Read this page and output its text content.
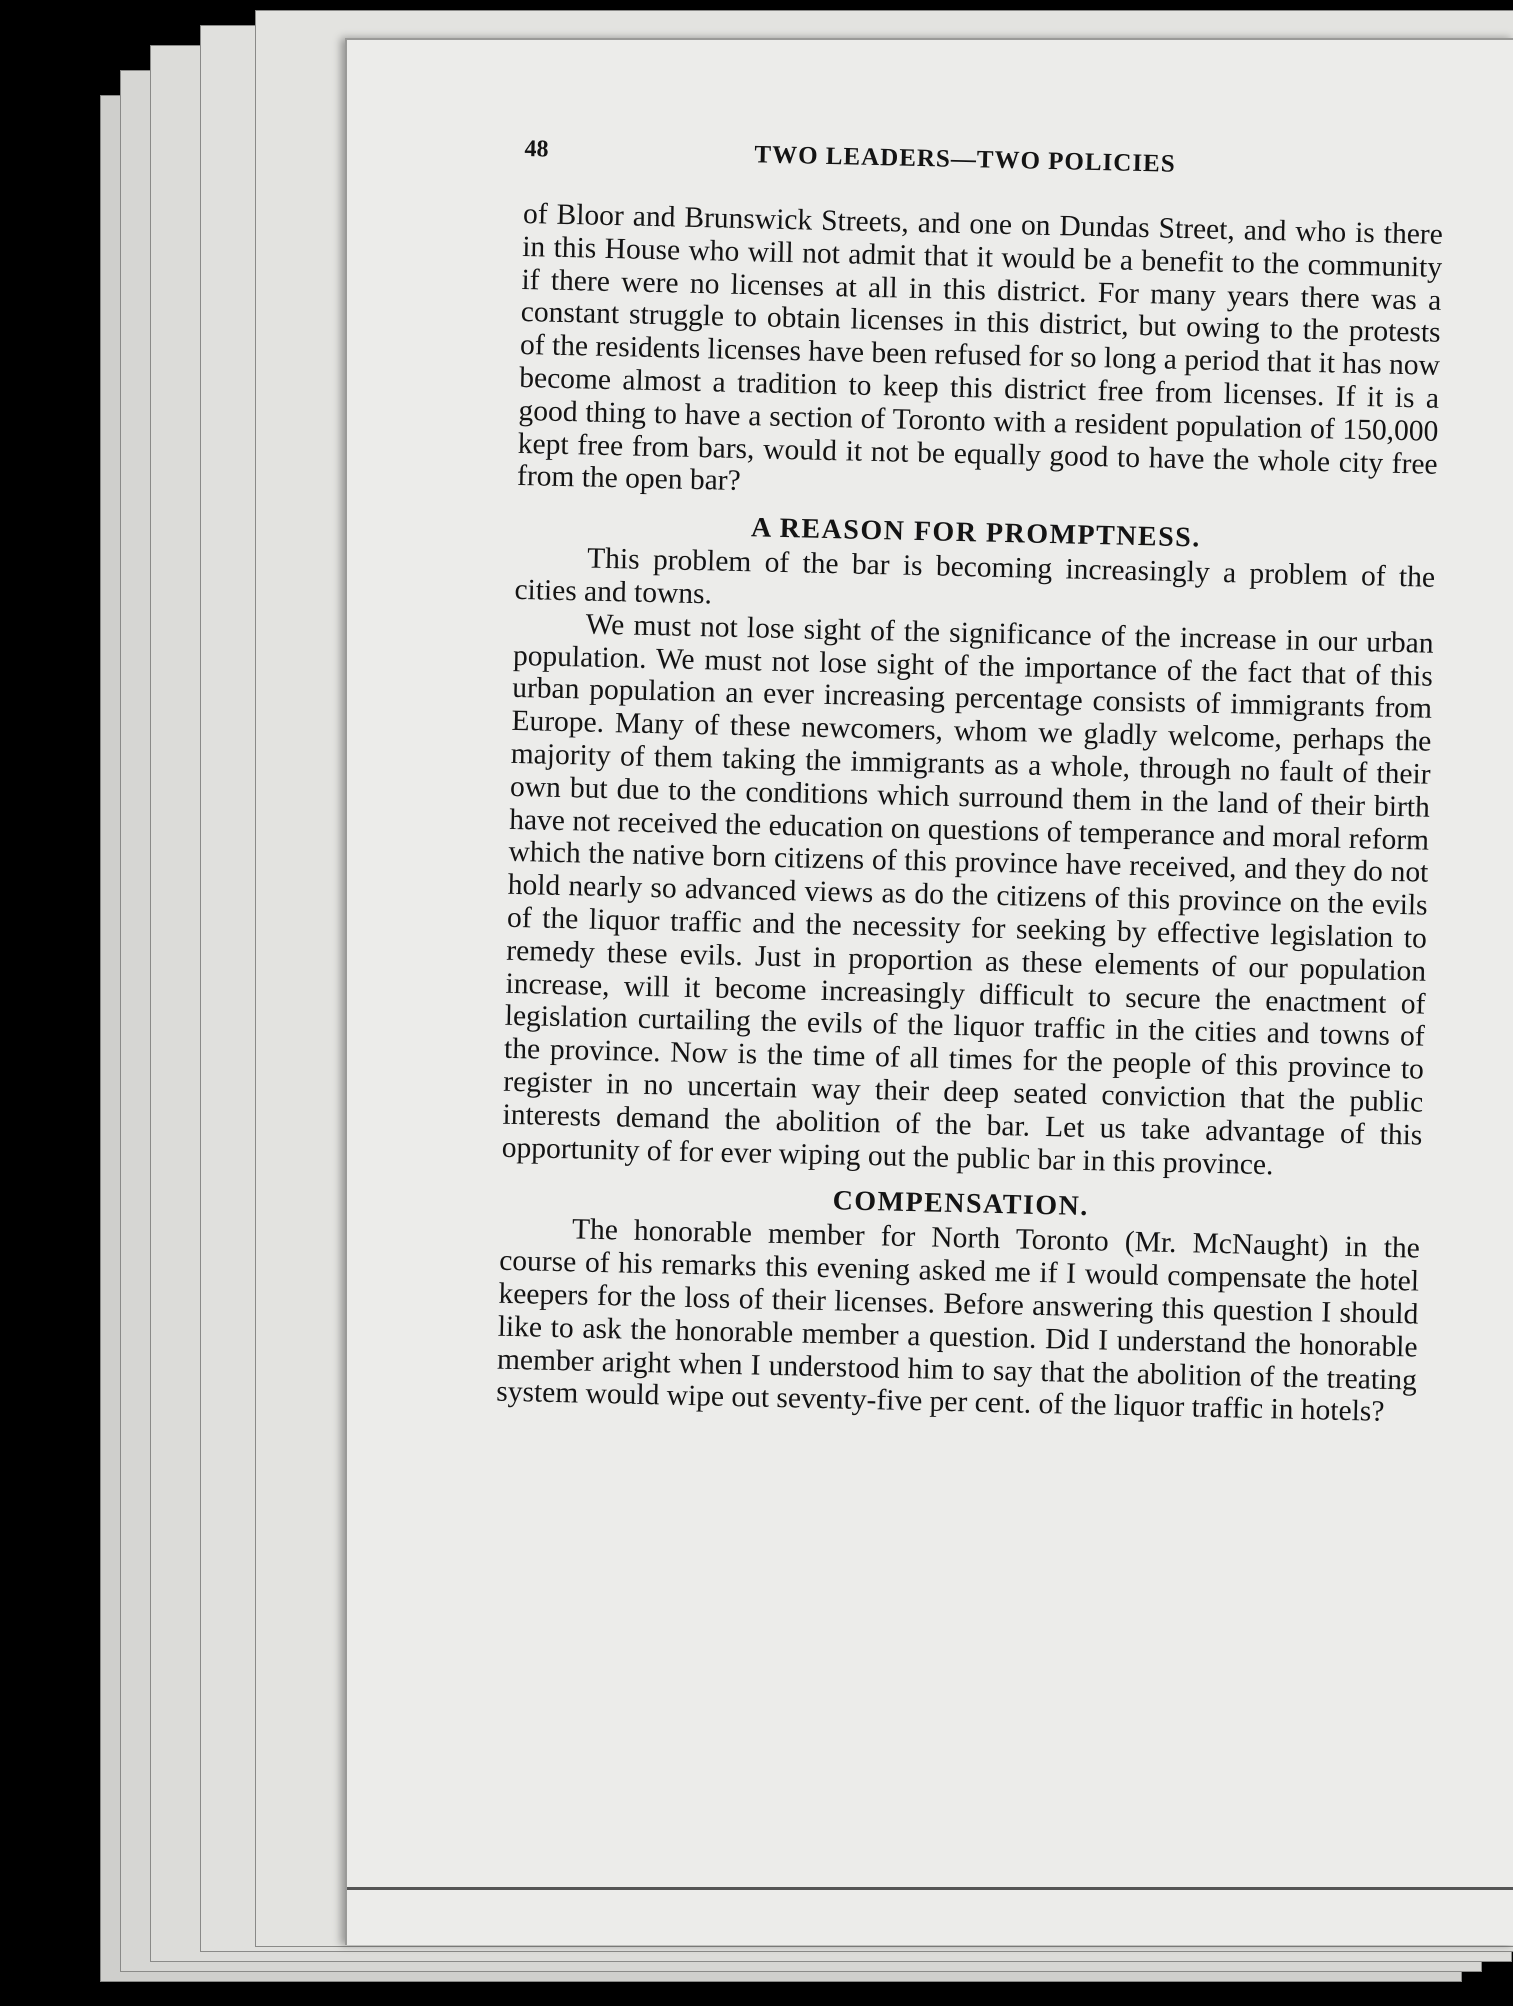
48	TWO LEADERS—TWO POLICIES

of Bloor and Brunswick Streets, and one on Dundas Street, and who is there in this House who will not admit that it would be a benefit to the community if there were no licenses at all in this district. For many years there was a constant struggle to obtain licenses in this district, but owing to the protests of the residents licenses have been refused for so long a period that it has now become almost a tradition to keep this district free from licenses. If it is a good thing to have a section of Toronto with a resident population of 150,000 kept free from bars, would it not be equally good to have the whole city free from the open bar?

A REASON FOR PROMPTNESS.

This problem of the bar is becoming increasingly a problem of the cities and towns.

We must not lose sight of the significance of the increase in our urban population. We must not lose sight of the importance of the fact that of this urban population an ever increasing percentage consists of immigrants from Europe. Many of these newcomers, whom we gladly welcome, perhaps the majority of them taking the immigrants as a whole, through no fault of their own but due to the conditions which surround them in the land of their birth have not received the education on questions of temperance and moral reform which the native born citizens of this province have received, and they do not hold nearly so advanced views as do the citizens of this province on the evils of the liquor traffic and the necessity for seeking by effective legislation to remedy these evils. Just in proportion as these elements of our population increase, will it become increasingly difficult to secure the enactment of legislation curtailing the evils of the liquor traffic in the cities and towns of the province. Now is the time of all times for the people of this province to register in no uncertain way their deep seated conviction that the public interests demand the abolition of the bar. Let us take advantage of this opportunity of for ever wiping out the public bar in this province.

COMPENSATION.

The honorable member for North Toronto (Mr. McNaught) in the course of his remarks this evening asked me if I would compensate the hotel keepers for the loss of their licenses. Before answering this question I should like to ask the honorable member a question. Did I understand the honorable member aright when I understood him to say that the abolition of the treating system would wipe out seventy-five per cent. of the liquor traffic in hotels?
